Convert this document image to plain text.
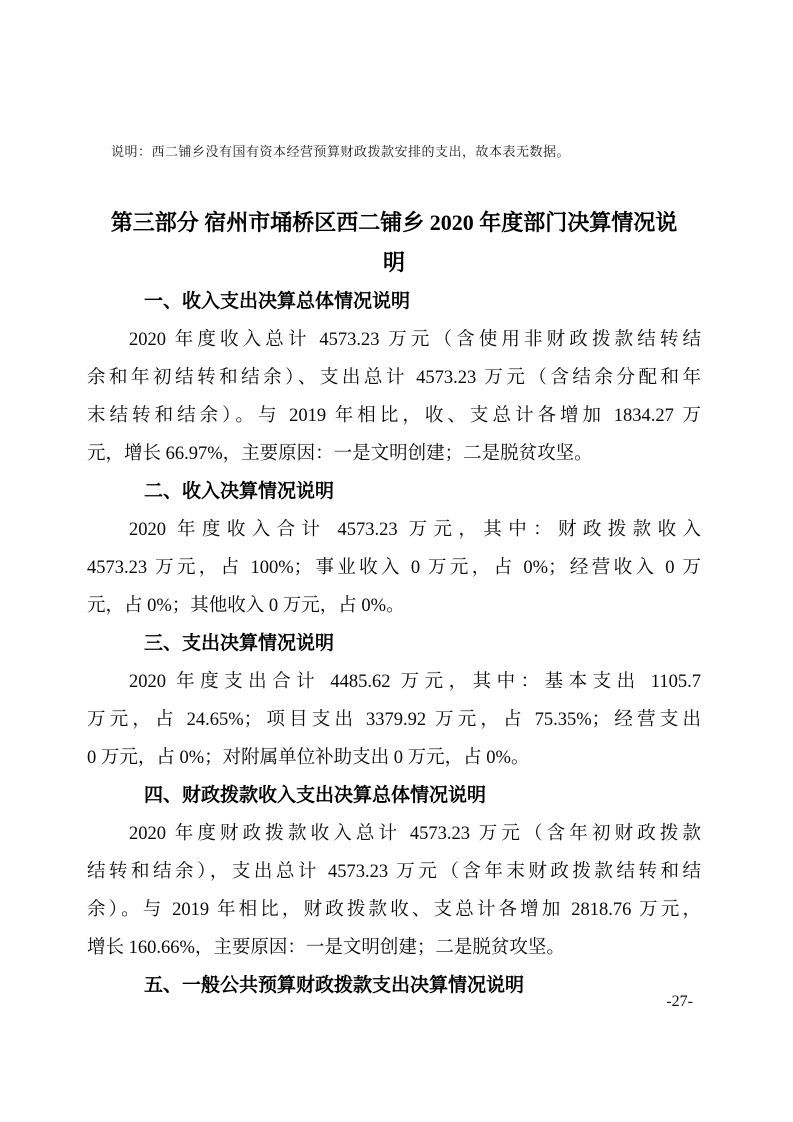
说明：西二铺乡没有国有资本经营预算财政拨款安排的支出，故本表无数据。
第三部分 宿州市埇桥区西二铺乡 2020 年度部门决算情况说
明
一、收入支出决算总体情况说明
2020 年度收入总计 4573.23 万元（含使用非财政拨款结转结
余和年初结转和结余）、支出总计 4573.23 万元（含结余分配和年
末结转和结余）。与 2019 年相比，收、支总计各增加 1834.27 万
元，增长 66.97%，主要原因：一是文明创建；二是脱贫攻坚。
二、收入决算情况说明
2020 年度收入合计 4573.23 万元，其中：财政拨款收入
4573.23 万元，占 100%；事业收入 0 万元，占 0%；经营收入 0 万
元，占 0%；其他收入 0 万元，占 0%。
三、支出决算情况说明
2020 年度支出合计 4485.62 万元，其中：基本支出 1105.7
万元，占 24.65%；项目支出 3379.92 万元，占 75.35%；经营支出
0 万元，占 0%；对附属单位补助支出 0 万元，占 0%。
四、财政拨款收入支出决算总体情况说明
2020 年度财政拨款收入总计 4573.23 万元（含年初财政拨款
结转和结余），支出总计 4573.23 万元（含年末财政拨款结转和结
余）。与 2019 年相比，财政拨款收、支总计各增加 2818.76 万元，
增长 160.66%，主要原因：一是文明创建；二是脱贫攻坚。
五、一般公共预算财政拨款支出决算情况说明
-27-
